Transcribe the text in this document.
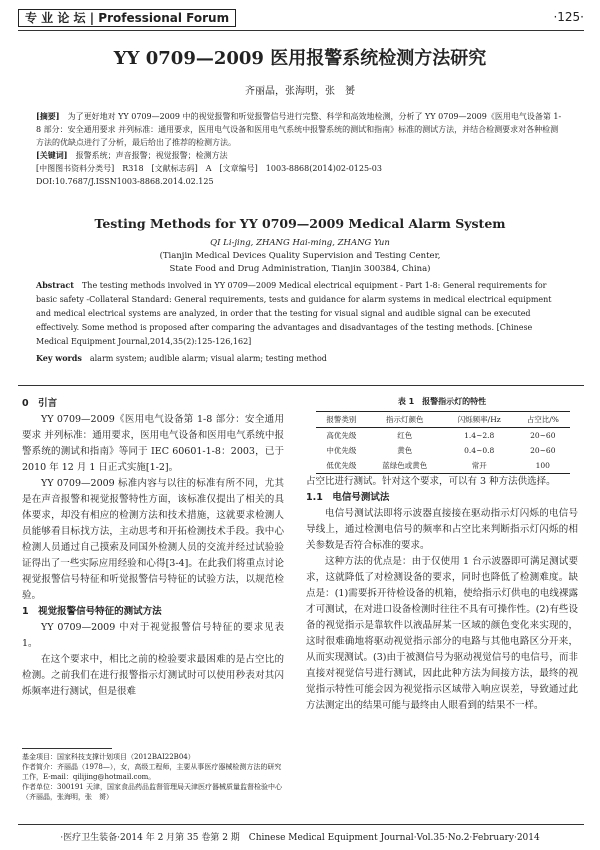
专 业 论 坛 | Professional Forum	·125·
YY 0709—2009 医用报警系统检测方法研究
齐丽晶，张海明，张　赟

[摘要]　 为了更好地对 YY 0709—2009 中的视觉报警和听觉报警信号进行完整、科学和高效地检测，分析了 YY 0709—2009《医用电气设备第 1-8 部分：安全通用要求 并列标准：通用要求，医用电气设备和医用电气系统中报警系统的测试和指南》标准的测试方法，并结合检测要求对各种检测方法的优缺点进行了分析，最后给出了推荐的检测方法。

[关键词]　 报警系统；声音报警；视觉报警；检测方法

[中图图书资料分类号]　R318　[文献标志码]　A　[文章编号]　1003-8868(2014)02-0125-03

DOI:10.7687/J.ISSN1003-8868.2014.02.125

Testing Methods for YY 0709—2009 Medical Alarm System
QI Li-jing, ZHANG Hai-ming, ZHANG Yun
(Tianjin Medical Devices Quality Supervision and Testing Center,
State Food and Drug Administration, Tianjin 300384, China)

Abstract　 The testing methods involved in YY 0709—2009 Medical electrical equipment - Part 1-8: General requirements for basic safety -Collateral Standard: General requirements, tests and guidance for alarm systems in medical electrical equipment and medical electrical systems are analyzed, in order that the testing for visual signal and audible signal can be executed effectively. Some method is proposed after comparing the advantages and disadvantages of the testing methods. [Chinese Medical Equipment Journal,2014,35(2):125-126,162]

Key words　 alarm system; audible alarm; visual alarm; testing method

0　引言

YY 0709—2009《医用电气设备第 1-8 部分：安全通用要求 并列标准：通用要求，医用电气设备和医用电气系统中报警系统的测试和指南》等同于 IEC 60601-1-8：2003，已于 2010 年 12 月 1 日正式实施[1-2]。

YY 0709—2009 标准内容与以往的标准有所不同，尤其是在声音报警和视觉报警特性方面，该标准仅提出了相关的具体要求，却没有相应的检测方法和技术措施，这就要求检测人员能够看目标找方法，主动思考和开拓检测技术手段。我中心检测人员通过自己摸索及同国外检测人员的交流并经过试验验证得出了一些实际应用经验和心得[3-4]。在此我们将重点讨论视觉报警信号特征和听觉报警信号特征的试验方法，以规范检验。

1　视觉报警信号特征的测试方法

YY 0709—2009 中对于视觉报警信号特征的要求见表 1。

在这个要求中，相比之前的检验要求最困难的是占空比的检测。之前我们在进行报警指示灯测试时可以使用秒表对其闪烁频率进行测试，但是很难

基金项目：国家科技支撑计划项目（2012BAI22B04）
作者简介：齐丽晶（1978—），女，高级工程师，主要从事医疗器械检测方法的研究工作，E-mail：qilijing@hotmail.com。
作者单位：300191 天津，国家食品药品监督管理局天津医疗器械质量监督检验中心（齐丽晶，张海明，张　赟）
表 1　报警指示灯的特性
报警类别	指示灯颜色	闪烁频率/Hz	占空比/%
高优先级	红色	1.4~2.8	20~60
中优先级	黄色	0.4~0.8	20~60
低优先级	蓝绿色或黄色	常开	100

占空比进行测试。针对这个要求，可以有 3 种方法供选择。

1.1　电信号测试法

电信号测试法即将示波器直接接在驱动指示灯闪烁的电信号导线上，通过检测电信号的频率和占空比来判断指示灯闪烁的相关参数是否符合标准的要求。

这种方法的优点是：由于仅使用 1 台示波器即可满足测试要求，这就降低了对检测设备的要求，同时也降低了检测难度。缺点是：(1)需要拆开待检设备的机箱，使给指示灯供电的电线裸露才可测试，在对进口设备检测时往往不具有可操作性。(2)有些设备的视觉指示是靠软件以液晶屏某一区域的颜色变化来实现的，这时很难确地将驱动视觉指示部分的电路与其他电路区分开来，从而实现测试。(3)由于被测信号为驱动视觉信号的电信号，而非直接对视觉信号进行测试，因此此种方法为间接方法，最终的视觉指示特性可能会因为视觉指示区域带入响应误差，导致通过此方法测定出的结果可能与最终由人眼看到的结果不一样。

·医疗卫生装备·2014 年 2 月第 35 卷第 2 期　Chinese Medical Equipment Journal·Vol.35·No.2·February·2014
